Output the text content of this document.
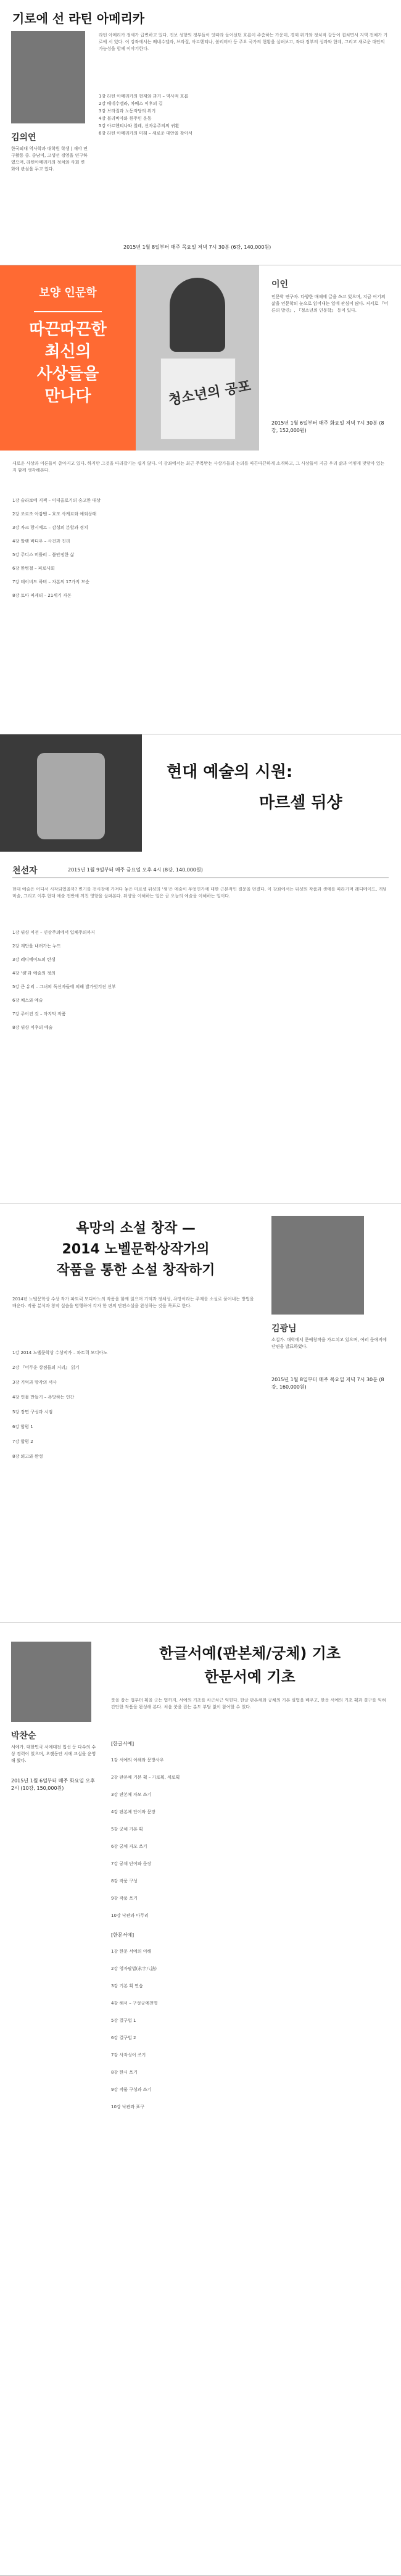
기로에 선 라틴 아메리카
김의연
한국외대 역사학과 대학원 학생 | 재야 연구활동 중. 중남미, 고생선 경영을 연구하였으며, 라틴아메리카의 정치와 사회 변화에 관심을 두고 있다.
라틴 아메리카 정세가 급변하고 있다. 진보 성향의 정부들이 잇따라 들어섰던 흐름이 주춤하는 가운데, 경제 위기와 정치적 갈등이 겹치면서 지역 전체가 기로에 서 있다. 이 강좌에서는 베네수엘라, 브라질, 아르헨티나, 볼리비아 등 주요 국가의 현황을 살펴보고, 좌파 정부의 성과와 한계, 그리고 새로운 대안의 가능성을 함께 이야기한다.
1강 라틴 아메리카의 현재와 과거 – 역사적 흐름
2강 베네수엘라, 차베스 이후의 길
3강 브라질과 노동자당의 위기
4강 볼리비아와 원주민 운동
5강 아르헨티나와 칠레, 신자유주의의 귀환
6강 라틴 아메리카의 미래 – 새로운 대안을 찾아서
2015년 1월 8일부터 매주 목요일 저녁 7시 30분 (6강, 140,000원)
보양 인문학
따끈따끈한
최신의
사상들을
만나다	청소년의 공포
이인
인문학 연구자. 다양한 매체에 글을 쓰고 있으며, 지금 여기의 삶을 인문학의 눈으로 읽어내는 일에 관심이 많다. 저서로 『어른의 발견』, 『청소년의 인문학』 등이 있다.
2015년 1월 6일부터 매주 화요일 저녁 7시 30분 (8강, 152,000원)
새로운 사상과 이론들이 쏟아지고 있다. 하지만 그것을 따라잡기는 쉽지 않다. 이 강좌에서는 최근 주목받는 사상가들의 논의를 따끈따끈하게 소개하고, 그 사상들이 지금 우리 삶과 어떻게 맞닿아 있는지 함께 생각해본다.
1강 슬라보예 지젝 – 이데올로기의 숭고한 대상
2강 조르조 아감벤 – 호모 사케르와 예외상태
3강 자크 랑시에르 – 감성의 분할과 정치
4강 알랭 바디우 – 사건과 진리
5강 주디스 버틀러 – 불안정한 삶
6강 한병철 – 피로사회
7강 데이비드 하비 – 자본의 17가지 모순
8강 토마 피케티 – 21세기 자본
현대 예술의 시원:
마르셀 뒤샹
천선자	2015년 1월 9일부터 매주 금요일 오후 4시 (8강, 140,000원)
현대 예술은 어디서 시작되었을까? 변기를 전시장에 가져다 놓은 마르셀 뒤샹의 ‘샘’은 예술이 무엇인가에 대한 근본적인 질문을 던졌다. 이 강좌에서는 뒤샹의 작품과 생애를 따라가며 레디메이드, 개념 미술, 그리고 이후 현대 예술 전반에 끼친 영향을 살펴본다. 뒤샹을 이해하는 일은 곧 오늘의 예술을 이해하는 일이다.
1강 뒤샹 이전 – 인상주의에서 입체주의까지
2강 계단을 내려가는 누드
3강 레디메이드의 탄생
4강 ‘샘’과 예술의 정의
5강 큰 유리 – 그녀의 독신자들에 의해 발가벗겨진 신부
6강 체스와 예술
7강 주어진 것 – 마지막 작품
8강 뒤샹 이후의 예술
욕망의 소설 창작 —
2014 노벨문학상작가의
작품을 통한 소설 창작하기
김광님
소설가. 대학에서 문예창작을 가르치고 있으며, 여러 문예지에 단편을 발표하였다.
2015년 1월 8일부터 매주 목요일 저녁 7시 30분 (8강, 160,000원)
2014년 노벨문학상 수상 작가 파트릭 모디아노의 작품을 함께 읽으며 기억과 정체성, 욕망이라는 주제를 소설로 풀어내는 방법을 배운다. 작품 분석과 창작 실습을 병행하여 각자 한 편의 단편소설을 완성하는 것을 목표로 한다.
1강 2014 노벨문학상 수상작가 – 파트릭 모디아노
2강 『어두운 상점들의 거리』 읽기
3강 기억과 망각의 서사
4강 인물 만들기 – 욕망하는 인간
5강 장면 구성과 시점
6강 합평 1
7강 합평 2
8강 퇴고와 완성
한글서예(판본체/궁체) 기초
한문서예 기초
박찬순
서예가. 대한민국 서예대전 입선 등 다수의 수상 경력이 있으며, 오랫동안 서예 교실을 운영해 왔다.
2015년 1월 6일부터 매주 화요일 오후 2시 (10강, 150,000원)
붓을 잡는 법부터 획을 긋는 법까지, 서예의 기초를 차근차근 익힌다. 한글 판본체와 궁체의 기본 필법을 배우고, 한문 서예의 기초 획과 결구를 익혀 간단한 작품을 완성해 본다. 처음 붓을 잡는 분도 부담 없이 참여할 수 있다.
[한글서예]
1강 서예의 이해와 문방사우
2강 판본체 기본 획 – 가로획, 세로획
3강 판본체 자모 쓰기
4강 판본체 단어와 문장
5강 궁체 기본 획
6강 궁체 자모 쓰기
7강 궁체 단어와 문장
8강 작품 구성
9강 작품 쓰기
10강 낙관과 마무리
[한문서예]
1강 한문 서예의 이해
2강 영자팔법(永字八法)
3강 기본 획 연습
4강 해서 – 구성궁예천명
5강 결구법 1
6강 결구법 2
7강 사자성어 쓰기
8강 한시 쓰기
9강 작품 구성과 쓰기
10강 낙관과 표구
